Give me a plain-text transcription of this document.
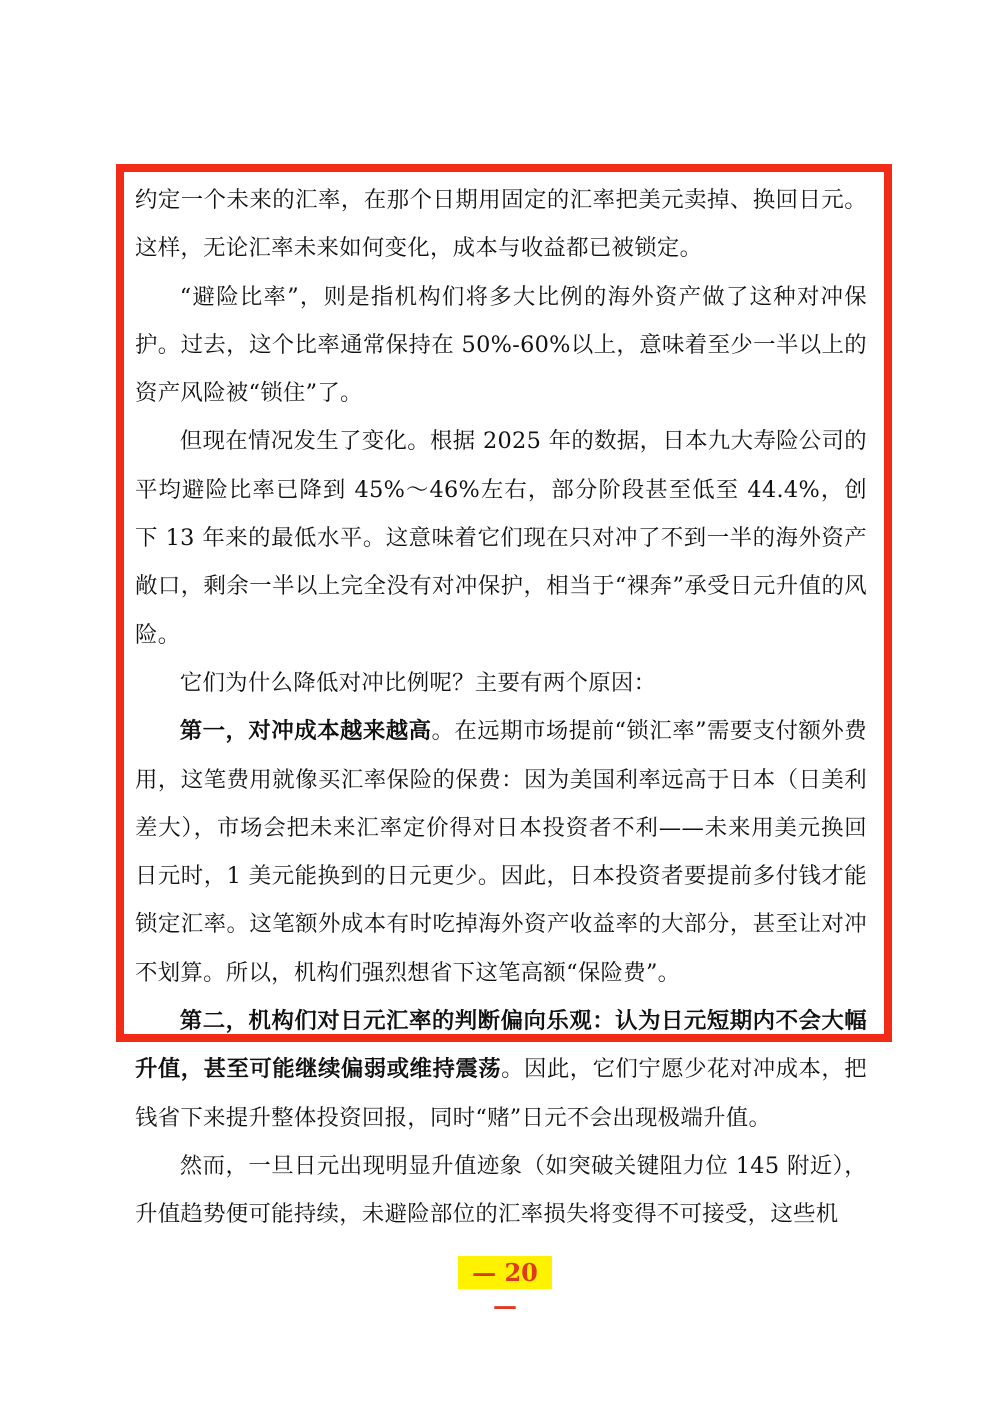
约定一个未来的汇率，在那个日期用固定的汇率把美元卖掉、换回日元。这样，无论汇率未来如何变化，成本与收益都已被锁定。

“避险比率”，则是指机构们将多大比例的海外资产做了这种对冲保护。过去，这个比率通常保持在 50%-60%以上，意味着至少一半以上的资产风险被“锁住”了。

但现在情况发生了变化。根据 2025 年的数据，日本九大寿险公司的平均避险比率已降到 45%～46%左右，部分阶段甚至低至 44.4%，创下 13 年来的最低水平。这意味着它们现在只对冲了不到一半的海外资产敞口，剩余一半以上完全没有对冲保护，相当于“裸奔”承受日元升值的风险。

它们为什么降低对冲比例呢？主要有两个原因：

第一，对冲成本越来越高。在远期市场提前“锁汇率”需要支付额外费用，这笔费用就像买汇率保险的保费：因为美国利率远高于日本（日美利差大），市场会把未来汇率定价得对日本投资者不利——未来用美元换回日元时，1 美元能换到的日元更少。因此，日本投资者要提前多付钱才能锁定汇率。这笔额外成本有时吃掉海外资产收益率的大部分，甚至让对冲不划算。所以，机构们强烈想省下这笔高额“保险费”。

第二，机构们对日元汇率的判断偏向乐观：认为日元短期内不会大幅升值，甚至可能继续偏弱或维持震荡。因此，它们宁愿少花对冲成本，把钱省下来提升整体投资回报，同时“赌”日元不会出现极端升值。

然而，一旦日元出现明显升值迹象（如突破关键阻力位 145 附近），升值趋势便可能持续，未避险部位的汇率损失将变得不可接受，这些机

— 20 —
